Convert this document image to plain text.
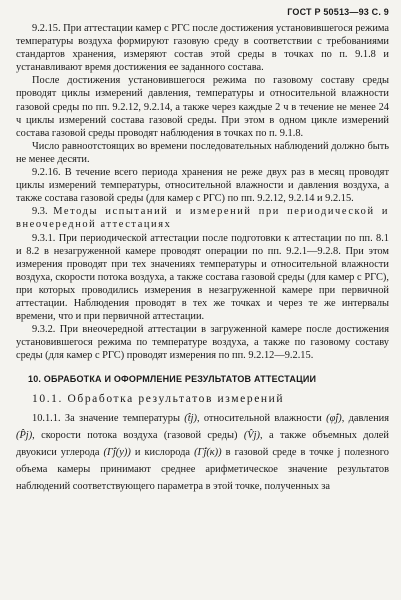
ГОСТ Р 50513—93 С. 9

9.2.15. При аттестации камер с РГС после достижения установившегося режима температуры воздуха формируют газовую среду в соответствии с требованиями стандартов хранения, измеряют состав этой среды в точках по п. 9.1.8 и устанавливают время достижения ее заданного состава.

После достижения установившегося режима по газовому составу среды проводят циклы измерений давления, температуры и относительной влажности газовой среды по пп. 9.2.12, 9.2.14, а также через каждые 2 ч в течение не менее 24 ч циклы измерений состава газовой среды. При этом в одном цикле измерений состава газовой среды проводят наблюдения в точках по п. 9.1.8.

Число равноотстоящих во времени последовательных наблюдений должно быть не менее десяти.

9.2.16. В течение всего периода хранения не реже двух раз в месяц проводят циклы измерений температуры, относительной влажности и давления воздуха, а также состава газовой среды (для камер с РГС) по пп. 9.2.12, 9.2.14 и 9.2.15.

9.3. Методы испытаний и измерений при периодической и внеочередной аттестациях

9.3.1. При периодической аттестации после подготовки к аттестации по пп. 8.1 и 8.2 в незагруженной камере проводят операции по пп. 9.2.1—9.2.8. При этом измерения проводят при тех значениях температуры и относительной влажности воздуха, скорости потока воздуха, а также состава газовой среды (для камер с РГС), при которых проводились измерения в незагруженной камере при первичной аттестации. Наблюдения проводят в тех же точках и через те же интервалы времени, что и при первичной аттестации.

9.3.2. При внеочередной аттестации в загруженной камере после достижения установившегося режима по температуре воздуха, а также по газовому составу среды (для камер с РГС) проводят измерения по пп. 9.2.12—9.2.15.

10. ОБРАБОТКА И ОФОРМЛЕНИЕ РЕЗУЛЬТАТОВ АТТЕСТАЦИИ
10.1. Обработка результатов измерений

10.1.1. За значение температуры (t̂j), относительной влажности (φ̂j), давления (P̂j), скорости потока воздуха (газовой среды) (V̂j), а также объемных долей двуокиси углерода (Γ̂j(y)) и кислорода (Γ̂j(к)) в газовой среде в точке j полезного объема камеры принимают среднее арифметическое значение результатов наблюдений соответствующего параметра в этой точке, полученных за
